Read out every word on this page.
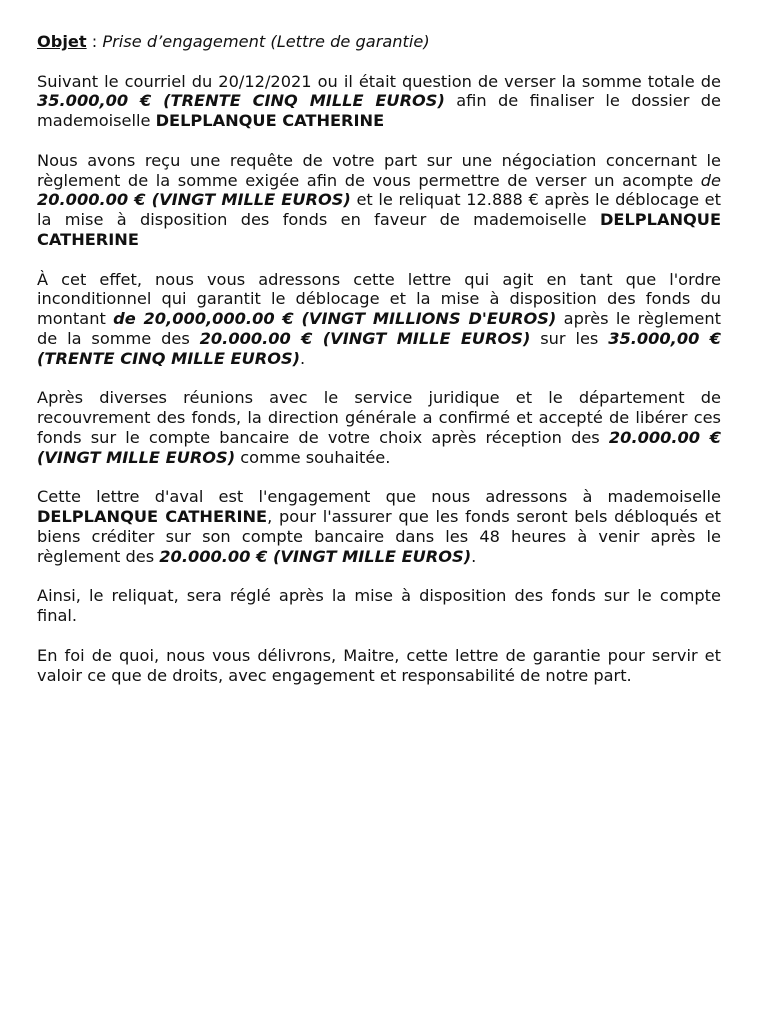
Objet : Prise d’engagement (Lettre de garantie)

Suivant le courriel du 20/12/2021 ou il était question de verser la somme totale de 35.000,00 € (TRENTE CINQ MILLE EUROS) afin de finaliser le dossier de mademoiselle DELPLANQUE CATHERINE

Nous avons reçu une requête de votre part sur une négociation concernant le règlement de la somme exigée afin de vous permettre de verser un acompte de 20.000.00 € (VINGT MILLE EUROS) et le reliquat 12.888 € après le déblocage et la mise à disposition des fonds en faveur de mademoiselle DELPLANQUE CATHERINE

À cet effet, nous vous adressons cette lettre qui agit en tant que l'ordre inconditionnel qui garantit le déblocage et la mise à disposition des fonds du montant de 20,000,000.00 € (VINGT MILLIONS D'EUROS) après le règlement de la somme des 20.000.00 € (VINGT MILLE EUROS) sur les 35.000,00 € (TRENTE CINQ MILLE EUROS).

Après diverses réunions avec le service juridique et le département de recouvrement des fonds, la direction générale a confirmé et accepté de libérer ces fonds sur le compte bancaire de votre choix après réception des 20.000.00 € (VINGT MILLE EUROS) comme souhaitée.

Cette lettre d'aval est l'engagement que nous adressons à mademoiselle DELPLANQUE CATHERINE, pour l'assurer que les fonds seront bels débloqués et biens créditer sur son compte bancaire dans les 48 heures à venir après le règlement des 20.000.00 € (VINGT MILLE EUROS).

Ainsi, le reliquat, sera réglé après la mise à disposition des fonds sur le compte final.

En foi de quoi, nous vous délivrons, Maitre, cette lettre de garantie pour servir et valoir ce que de droits, avec engagement et responsabilité de notre part.
